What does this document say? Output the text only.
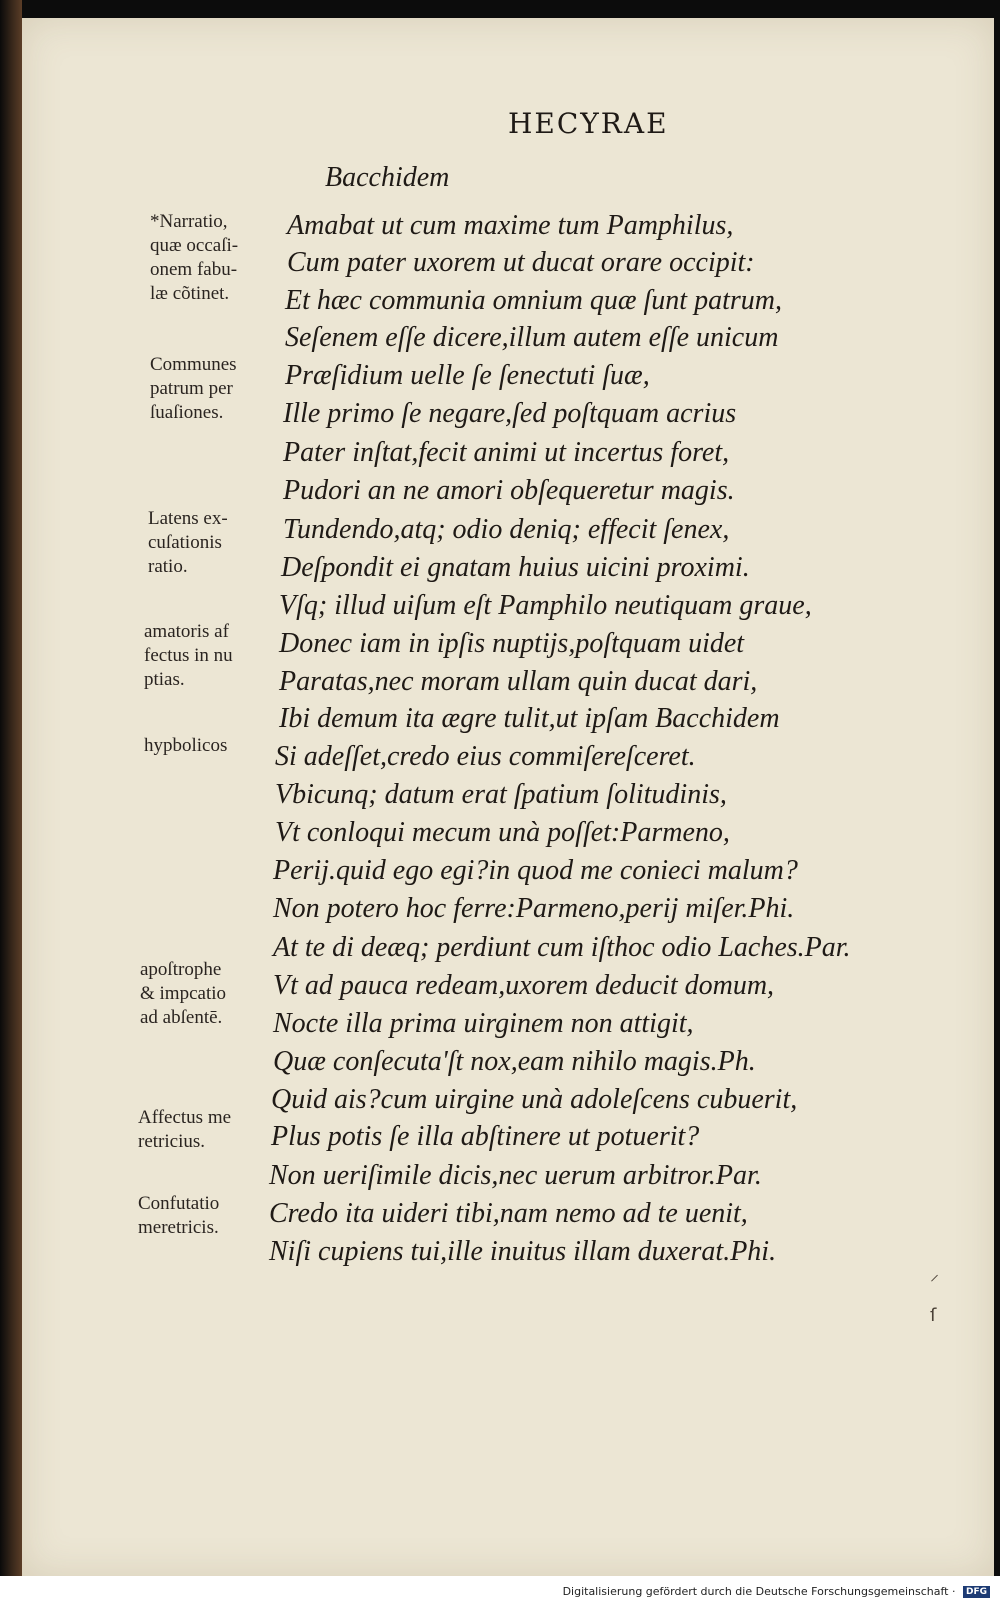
HECYRAE
Bacchidem
Amabat ut cum maxime tum Pamphilus,
Cum pater uxorem ut ducat orare occipit:
Et hæc communia omnium quæ ſunt patrum,
Seſenem eſſe dicere,illum autem eſſe unicum
Præſidium uelle ſe ſenectuti ſuæ,
Ille primo ſe negare,ſed poſtquam acrius
Pater inſtat,fecit animi ut incertus foret,
Pudori an ne amori obſequeretur magis.
Tundendo,atq; odio deniq; effecit ſenex,
Deſpondit ei gnatam huius uicini proximi.
Vſq; illud uiſum eſt Pamphilo neutiquam graue,
Donec iam in ipſis nuptijs,poſtquam uidet
Paratas,nec moram ullam quin ducat dari,
Ibi demum ita ægre tulit,ut ipſam Bacchidem
Si adeſſet,credo eius commiſereſceret.
Vbicunq; datum erat ſpatium ſolitudinis,
Vt conloqui mecum unà poſſet:Parmeno,
Perij.quid ego egi?in quod me conieci malum?
Non potero hoc ferre:Parmeno,perij miſer.Phi.
At te di deæq; perdiunt cum iſthoc odio Laches.Par.
Vt ad pauca redeam,uxorem deducit domum,
Nocte illa prima uirginem non attigit,
Quæ conſecuta'ſt nox,eam nihilo magis.Ph.
Quid ais?cum uirgine unà adoleſcens cubuerit,
Plus potis ſe illa abſtinere ut potuerit?
Non ueriſimile dicis,nec uerum arbitror.Par.
Credo ita uideri tibi,nam nemo ad te uenit,
Niſi cupiens tui,ille inuitus illam duxerat.Phi.
*Narratio,
quæ occaſi-
onem fabu-
læ cõtinet.
Communes
patrum per
ſuaſiones.
Latens ex-
cuſationis
ratio.
amatoris af
fectus in nu
ptias.
hypbolicos
apoſtrophe
& impcatio
ad abſentē.
Affectus me
retricius.
Confutatio
meretricis.
⸝
ſ
Digitalisierung gefördert durch die Deutsche Forschungsgemeinschaft · DFG
